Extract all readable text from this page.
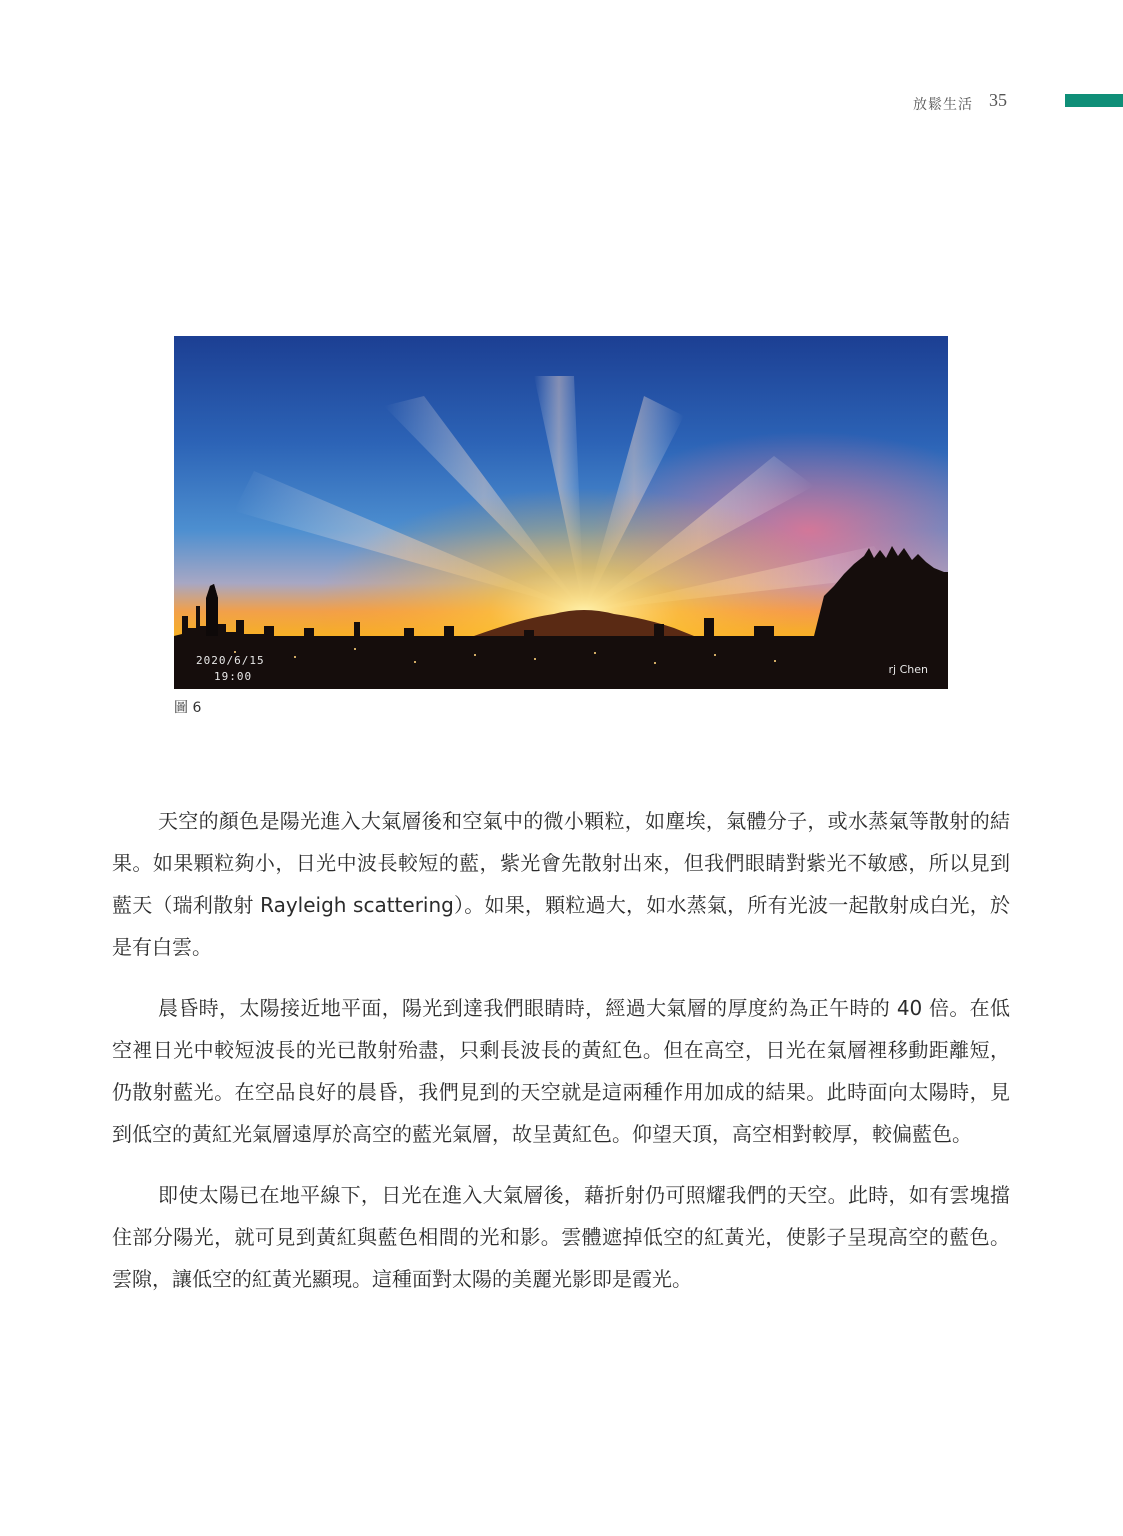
放鬆生活 35
2020/6/15
19:00
rj Chen
圖 6

天空的顏色是陽光進入大氣層後和空氣中的微小顆粒，如塵埃，氣體分子，或水蒸氣等散射的結果。如果顆粒夠小，日光中波長較短的藍，紫光會先散射出來，但我們眼睛對紫光不敏感，所以見到藍天（瑞利散射 Rayleigh scattering）。如果，顆粒過大，如水蒸氣，所有光波一起散射成白光，於是有白雲。

晨昏時，太陽接近地平面，陽光到達我們眼睛時，經過大氣層的厚度約為正午時的 40 倍。在低空裡日光中較短波長的光已散射殆盡，只剩長波長的黃紅色。但在高空，日光在氣層裡移動距離短，仍散射藍光。在空品良好的晨昏，我們見到的天空就是這兩種作用加成的結果。此時面向太陽時，見到低空的黃紅光氣層遠厚於高空的藍光氣層，故呈黃紅色。仰望天頂，高空相對較厚，較偏藍色。

即使太陽已在地平線下，日光在進入大氣層後，藉折射仍可照耀我們的天空。此時，如有雲塊擋住部分陽光，就可見到黃紅與藍色相間的光和影。雲體遮掉低空的紅黃光，使影子呈現高空的藍色。雲隙，讓低空的紅黃光顯現。這種面對太陽的美麗光影即是霞光。
